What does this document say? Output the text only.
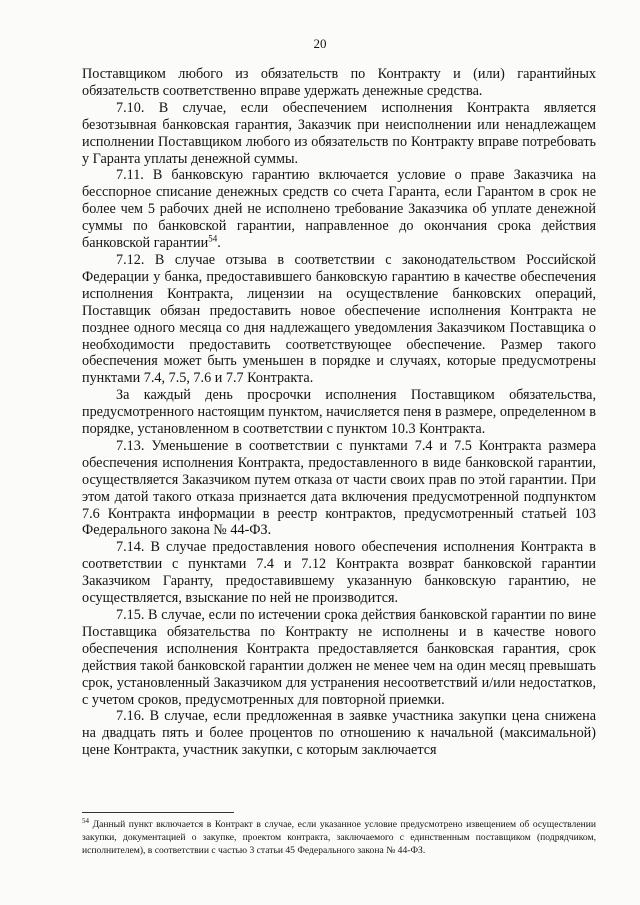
20

Поставщиком любого из обязательств по Контракту и (или) гарантийных обязательств соответственно вправе удержать денежные средства.

7.10. В случае, если обеспечением исполнения Контракта является безотзывная банковская гарантия, Заказчик при неисполнении или ненадлежащем исполнении Поставщиком любого из обязательств по Контракту вправе потребовать у Гаранта уплаты денежной суммы.

7.11. В банковскую гарантию включается условие о праве Заказчика на бесспорное списание денежных средств со счета Гаранта, если Гарантом в срок не более чем 5 рабочих дней не исполнено требование Заказчика об уплате денежной суммы по банковской гарантии, направленное до окончания срока действия банковской гарантии$^{54}$.

7.12. В случае отзыва в соответствии с законодательством Российской Федерации у банка, предоставившего банковскую гарантию в качестве обеспечения исполнения Контракта, лицензии на осуществление банковских операций, Поставщик обязан предоставить новое обеспечение исполнения Контракта не позднее одного месяца со дня надлежащего уведомления Заказчиком Поставщика о необходимости предоставить соответствующее обеспечение. Размер такого обеспечения может быть уменьшен в порядке и случаях, которые предусмотрены пунктами 7.4, 7.5, 7.6 и 7.7 Контракта.

За каждый день просрочки исполнения Поставщиком обязательства, предусмотренного настоящим пунктом, начисляется пеня в размере, определенном в порядке, установленном в соответствии с пунктом 10.3 Контракта.

7.13. Уменьшение в соответствии с пунктами 7.4 и 7.5 Контракта размера обеспечения исполнения Контракта, предоставленного в виде банковской гарантии, осуществляется Заказчиком путем отказа от части своих прав по этой гарантии. При этом датой такого отказа признается дата включения предусмотренной подпунктом 7.6 Контракта информации в реестр контрактов, предусмотренный статьей 103 Федерального закона № 44-ФЗ.

7.14. В случае предоставления нового обеспечения исполнения Контракта в соответствии с пунктами 7.4 и 7.12 Контракта возврат банковской гарантии Заказчиком Гаранту, предоставившему указанную банковскую гарантию, не осуществляется, взыскание по ней не производится.

7.15. В случае, если по истечении срока действия банковской гарантии по вине Поставщика обязательства по Контракту не исполнены и в качестве нового обеспечения исполнения Контракта предоставляется банковская гарантия, срок действия такой банковской гарантии должен не менее чем на один месяц превышать срок, установленный Заказчиком для устранения несоответствий и/или недостатков, с учетом сроков, предусмотренных для повторной приемки.

7.16. В случае, если предложенная в заявке участника закупки цена снижена на двадцать пять и более процентов по отношению к начальной (максимальной) цене Контракта, участник закупки, с которым заключается

$^{54}$ Данный пункт включается в Контракт в случае, если указанное условие предусмотрено извещением об осуществлении закупки, документацией о закупке, проектом контракта, заключаемого с единственным поставщиком (подрядчиком, исполнителем), в соответствии с частью 3 статьи 45 Федерального закона № 44-ФЗ.
